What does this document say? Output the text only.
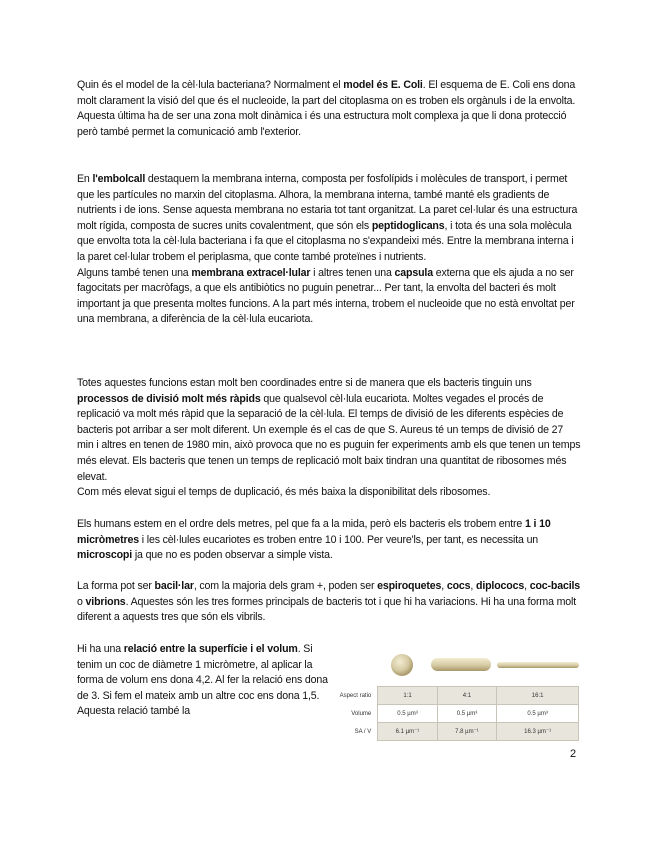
Quin és el model de la cèl·lula bacteriana? Normalment el model és E. Coli. El esquema de E. Coli ens dona molt clarament la visió del que és el nucleoide, la part del citoplasma on es troben els orgànuls i de la envolta. Aquesta última ha de ser una zona molt dinàmica i és una estructura molt complexa ja que li dona protecció però també permet la comunicació amb l'exterior.

En l'embolcall destaquem la membrana interna, composta per fosfolípids i molècules de transport, i permet que les partícules no marxin del citoplasma. Alhora, la membrana interna, també manté els gradients de nutrients i de ions. Sense aquesta membrana no estaria tot tant organitzat. La paret cel·lular és una estructura molt rígida, composta de sucres units covalentment, que són els peptidoglicans, i tota és una sola molècula que envolta tota la cèl·lula bacteriana i fa que el citoplasma no s'expandeixi més. Entre la membrana interna i la paret cel·lular trobem el periplasma, que conte també proteïnes i nutrients.
Alguns també tenen una membrana extracel·lular i altres tenen una capsula externa que els ajuda a no ser fagocitats per macròfags, a que els antibiòtics no puguin penetrar... Per tant, la envolta del bacteri és molt important ja que presenta moltes funcions. A la part més interna, trobem el nucleoide que no està envoltat per una membrana, a diferència de la cèl·lula eucariota.

Totes aquestes funcions estan molt ben coordinades entre si de manera que els bacteris tinguin uns processos de divisió molt més ràpids que qualsevol cèl·lula eucariota. Moltes vegades el procés de replicació va molt més ràpid que la separació de la cèl·lula. El temps de divisió de les diferents espècies de bacteris pot arribar a ser molt diferent. Un exemple és el cas de que S. Aureus té un temps de divisió de 27 min i altres en tenen de 1980 min, això provoca que no es puguin fer experiments amb els que tenen un temps més elevat. Els bacteris que tenen un temps de replicació molt baix tindran una quantitat de ribosomes més elevat.
Com més elevat sigui el temps de duplicació, és més baixa la disponibilitat dels ribosomes.

Els humans estem en el ordre dels metres, pel que fa a la mida, però els bacteris els trobem entre 1 i 10 micròmetres i les cèl·lules eucariotes es troben entre 10 i 100. Per veure'ls, per tant, es necessita un microscopi ja que no es poden observar a simple vista.

La forma pot ser bacil·lar, com la majoria dels gram +, poden ser espiroquetes, cocs, diplococs, coc-bacils o vibrions. Aquestes són les tres formes principals de bacteris tot i que hi ha variacions. Hi ha una forma molt diferent a aquests tres que són els vibrils.

Hi ha una relació entre la superfície i el volum. Si tenim un coc de diàmetre 1 micròmetre, al aplicar la forma de volum ens dona 4,2. Al fer la relació ens dona de 3. Si fem el mateix amb un altre coc ens dona 1,5. Aquesta relació també la

Aspect ratio	1:1	4:1	16:1
Volume	0.5 µm³	0.5 µm³	0.5 µm³
SA / V	6.1 µm⁻¹	7.8 µm⁻¹	16.3 µm⁻¹
2
